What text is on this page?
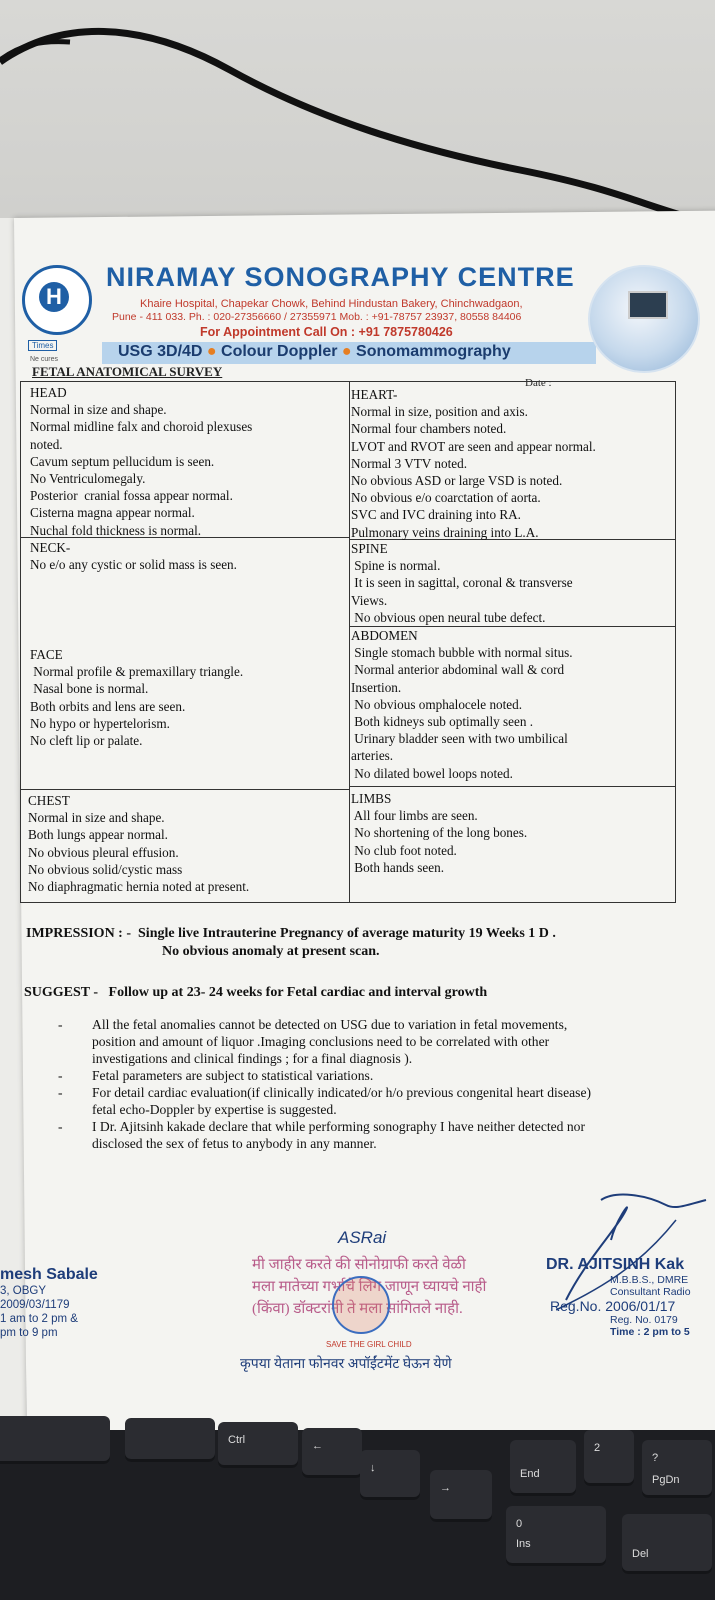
H
Times
Ne cures
NIRAMAY SONOGRAPHY CENTRE
Khaire Hospital, Chapekar Chowk, Behind Hindustan Bakery, Chinchwadgaon,
Pune - 411 033. Ph. : 020-27356660 / 27355971 Mob. : +91-78757 23937, 80558 84406
For Appointment Call On : +91 7875780426
USG 3D/4D ● Colour Doppler ● Sonomammography
FETAL ANATOMICAL SURVEY
Date :
HEAD
Normal in size and shape.
Normal midline falx and choroid plexuses
noted.
Cavum septum pellucidum is seen.
No Ventriculomegaly.
Posterior  cranial fossa appear normal.
Cisterna magna appear normal.
Nuchal fold thickness is normal.
HEART-
Normal in size, position and axis.
Normal four chambers noted.
LVOT and RVOT are seen and appear normal.
Normal 3 VTV noted.
No obvious ASD or large VSD is noted.
No obvious e/o coarctation of aorta.
SVC and IVC draining into RA.
Pulmonary veins draining into L.A.
NECK-
No e/o any cystic or solid mass is seen.
SPINE
Spine is normal.
It is seen in sagittal, coronal & transverse
Views.
No obvious open neural tube defect.
FACE
Normal profile & premaxillary triangle.
Nasal bone is normal.
Both orbits and lens are seen.
No hypo or hypertelorism.
No cleft lip or palate.
ABDOMEN
Single stomach bubble with normal situs.
Normal anterior abdominal wall & cord
Insertion.
No obvious omphalocele noted.
Both kidneys sub optimally seen .
Urinary bladder seen with two umbilical
arteries.
No dilated bowel loops noted.
CHEST
Normal in size and shape.
Both lungs appear normal.
No obvious pleural effusion.
No obvious solid/cystic mass
No diaphragmatic hernia noted at present.
LIMBS
All four limbs are seen.
No shortening of the long bones.
No club foot noted.
Both hands seen.
IMPRESSION : - Single live Intrauterine Pregnancy of average maturity 19 Weeks 1 D .
No obvious anomaly at present scan.
SUGGEST - Follow up at 23- 24 weeks for Fetal cardiac and interval growth
- All the fetal anomalies cannot be detected on USG due to variation in fetal movements,
position and amount of liquor .Imaging conclusions need to be correlated with other
investigations and clinical findings ; for a final diagnosis ).
- Fetal parameters are subject to statistical variations.
- For detail cardiac evaluation(if clinically indicated/or h/o previous congenital heart disease)
fetal echo-Doppler by expertise is suggested.
- I Dr. Ajitsinh kakade declare that while performing sonography I have neither detected nor
disclosed the sex of fetus to anybody in any manner.
mesh Sabale
3, OBGY
2009/03/1179
1 am to 2 pm &
pm to 9 pm
मी जाहीर करते की सोनोग्राफी करते वेळी
मला मातेच्या गर्भाचे लिंग जाणून घ्यायचे नाही
(किंवा) डॉक्टरांनी ते मला सांगितले नाही.
ASRai
SAVE THE GIRL CHILD
कृपया येताना फोनवर अपॉईंटमेंट घेऊन येणे
DR. AJITSINH Kak
M.B.B.S., DMRE
Consultant Radio
Reg.No. 2006/01/17
Reg. No. 0179
Time : 2 pm to 5
Ctrl	←
↓
→
End
2
?
PgDn
0
Ins
Del
